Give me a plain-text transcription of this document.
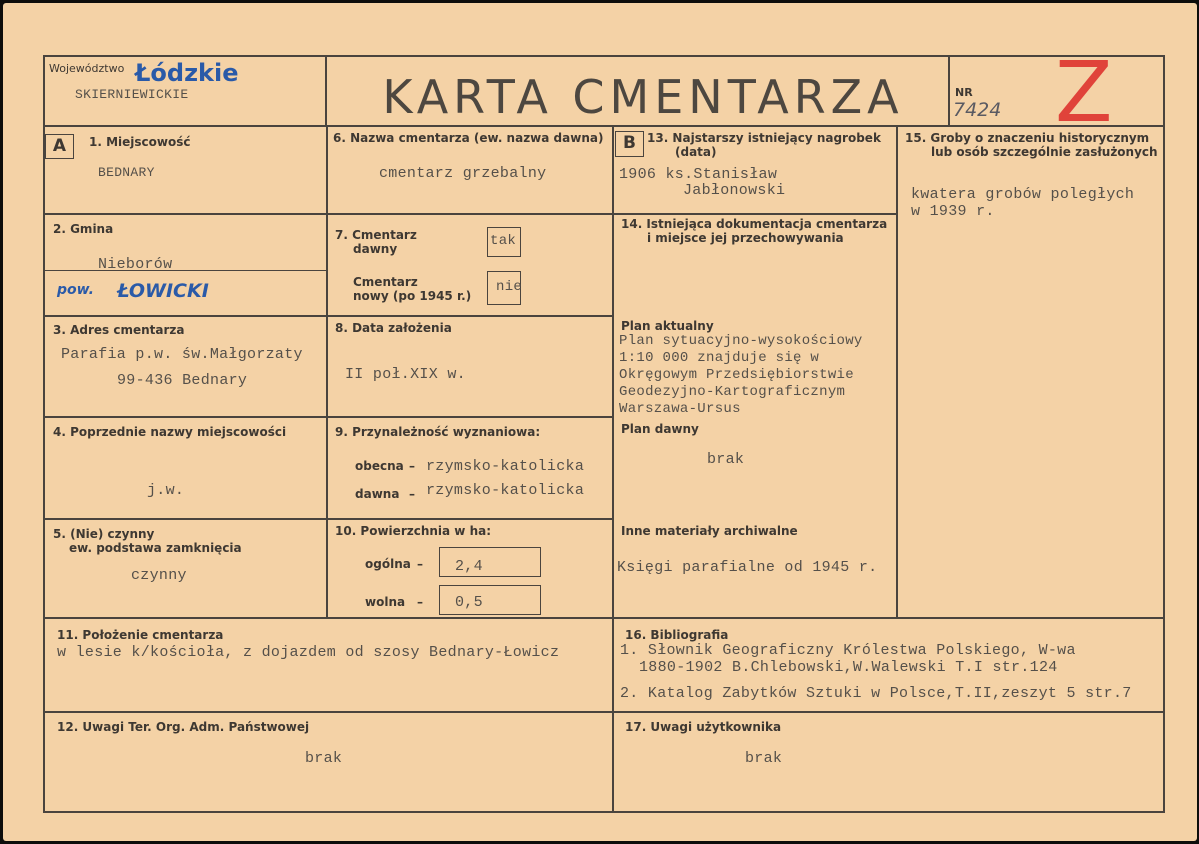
Województwo Łódzkie
SKIERNIEWICKIE	KARTA CMENTARZA	NR
7424 Z
A	B
1. Miejscowość
BEDNARY
2. Gmina
Nieborów
pow. ŁOWICKI
3. Adres cmentarza
Parafia p.w. św.Małgorzaty
99-436 Bednary
4. Poprzednie nazwy miejscowości
j.w.
5. (Nie) czynny
ew. podstawa zamknięcia
czynny
6. Nazwa cmentarza (ew. nazwa dawna)
cmentarz grzebalny
7. Cmentarz
dawny	tak
Cmentarz
nowy (po 1945 r.)
nie
8. Data założenia
II poł.XIX w.
9. Przynależność wyznaniowa:
obecna – rzymsko-katolicka
dawna – rzymsko-katolicka
10. Powierzchnia w ha:
ogólna – 2,4
wolna – 0,5
13. Najstarszy istniejący nagrobek
(data)
1906 ks.Stanisław
Jabłonowski
14. Istniejąca dokumentacja cmentarza
i miejsce jej przechowywania
Plan aktualny
Plan sytuacyjno-wysokościowy
1:10 000 znajduje się w
Okręgowym Przedsiębiorstwie
Geodezyjno-Kartograficznym
Warszawa-Ursus
Plan dawny
brak
Inne materiały archiwalne
Księgi parafialne od 1945 r.
15. Groby o znaczeniu historycznym
lub osób szczególnie zasłużonych
kwatera grobów poległych
w 1939 r.
11. Położenie cmentarza
w lesie k/kościoła, z dojazdem od szosy Bednary-Łowicz
16. Bibliografia
1. Słownik Geograficzny Królestwa Polskiego, W-wa
1880-1902 B.Chlebowski,W.Walewski T.I str.124
2. Katalog Zabytków Sztuki w Polsce,T.II,zeszyt 5 str.7
12. Uwagi Ter. Org. Adm. Państwowej
brak
17. Uwagi użytkownika
brak
